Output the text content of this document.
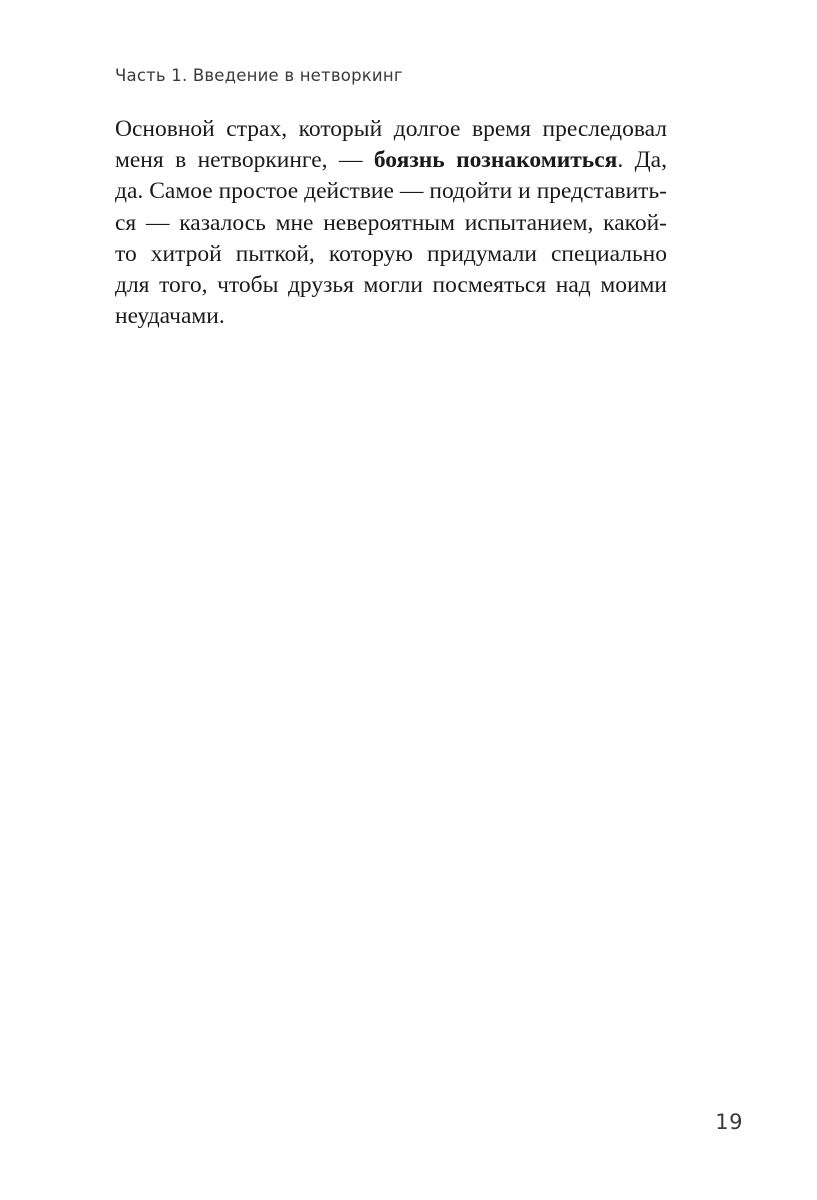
Часть 1. Введение в нетворкинг
Основной страх, который долгое время преследовал
меня в нетворкинге, — боязнь познакомиться. Да,
да. Самое простое действие — подойти и представить-
ся — казалось мне невероятным испытанием, какой-
то хитрой пыткой, которую придумали специально
для того, чтобы друзья могли посмеяться над моими
неудачами.
19
